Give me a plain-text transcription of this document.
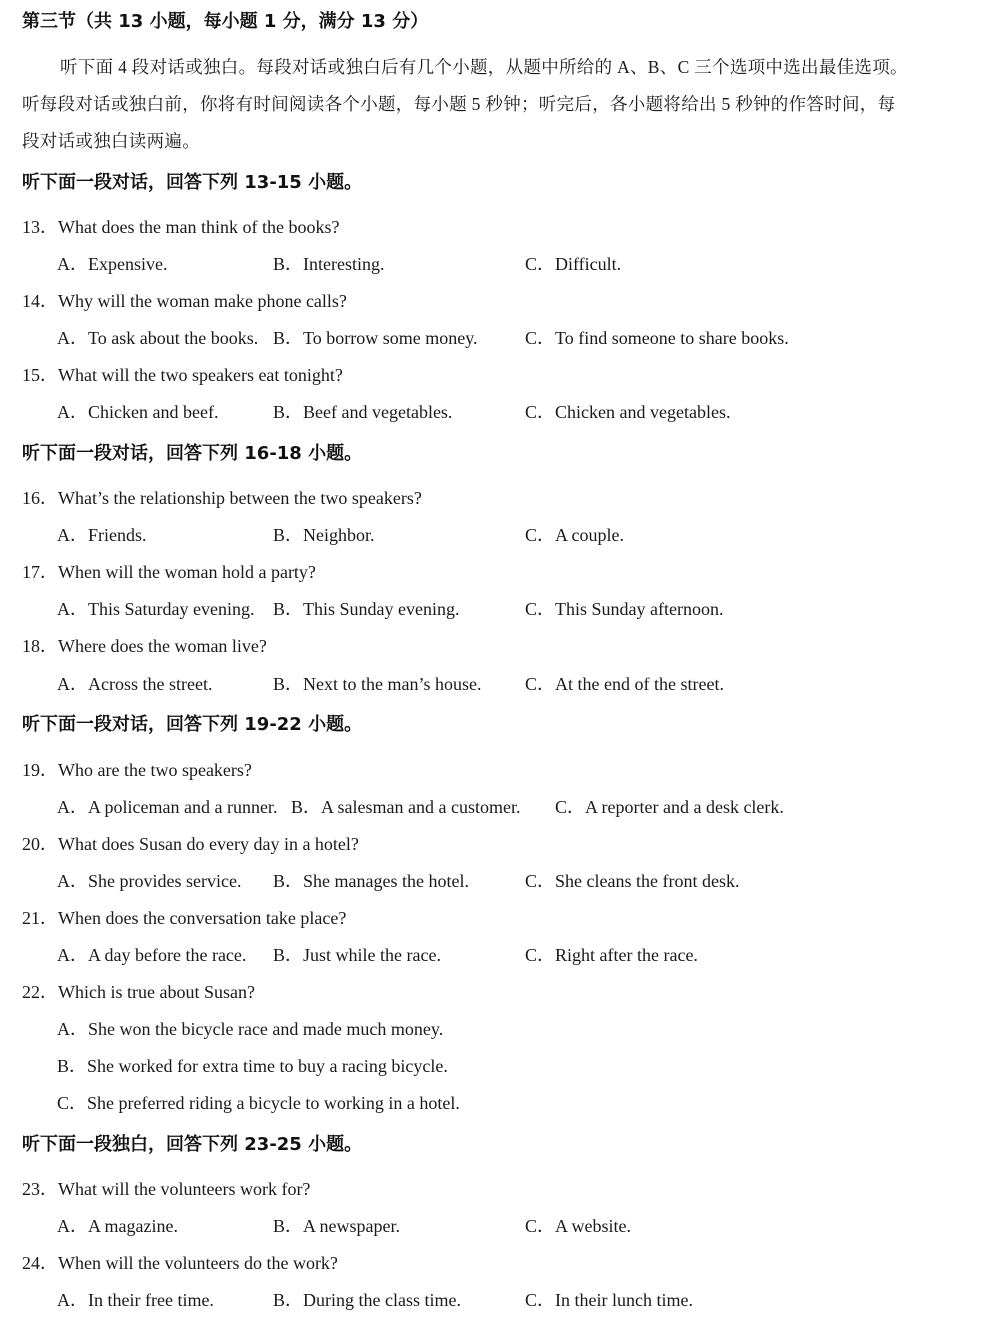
第三节（共 13 小题，每小题 1 分，满分 13 分）
听下面 4 段对话或独白。每段对话或独白后有几个小题，从题中所给的 A、B、C 三个选项中选出最佳选项。
听每段对话或独白前，你将有时间阅读各个小题，每小题 5 秒钟；听完后，各小题将给出 5 秒钟的作答时间，每
段对话或独白读两遍。
听下面一段对话，回答下列 13-15 小题。
13．What does the man think of the books?
A．Expensive.	B．Interesting.	C．Difficult.
14．Why will the woman make phone calls?
A．To ask about the books. B．To borrow some money.	C．To find someone to share books.
15．What will the two speakers eat tonight?
A．Chicken and beef.	B．Beef and vegetables.	C．Chicken and vegetables.
听下面一段对话，回答下列 16-18 小题。
16．What’s the relationship between the two speakers?
A．Friends.	B．Neighbor.	C．A couple.
17．When will the woman hold a party?
A．This Saturday evening. B．This Sunday evening.	C．This Sunday afternoon.
18．Where does the woman live?
A．Across the street.	B．Next to the man’s house. C．At the end of the street.
听下面一段对话，回答下列 19-22 小题。
19．Who are the two speakers?
A．A policeman and a runner. B．A salesman and a customer. C．A reporter and a desk clerk.
20．What does Susan do every day in a hotel?
A．She provides service. B．She manages the hotel.	C．She cleans the front desk.
21．When does the conversation take place?
A．A day before the race. B．Just while the race.	C．Right after the race.
22．Which is true about Susan?
A．She won the bicycle race and made much money.
B．She worked for extra time to buy a racing bicycle.
C．She preferred riding a bicycle to working in a hotel.
听下面一段独白，回答下列 23-25 小题。
23．What will the volunteers work for?
A．A magazine.	B．A newspaper.	C．A website.
24．When will the volunteers do the work?
A．In their free time.	B．During the class time.	C．In their lunch time.
